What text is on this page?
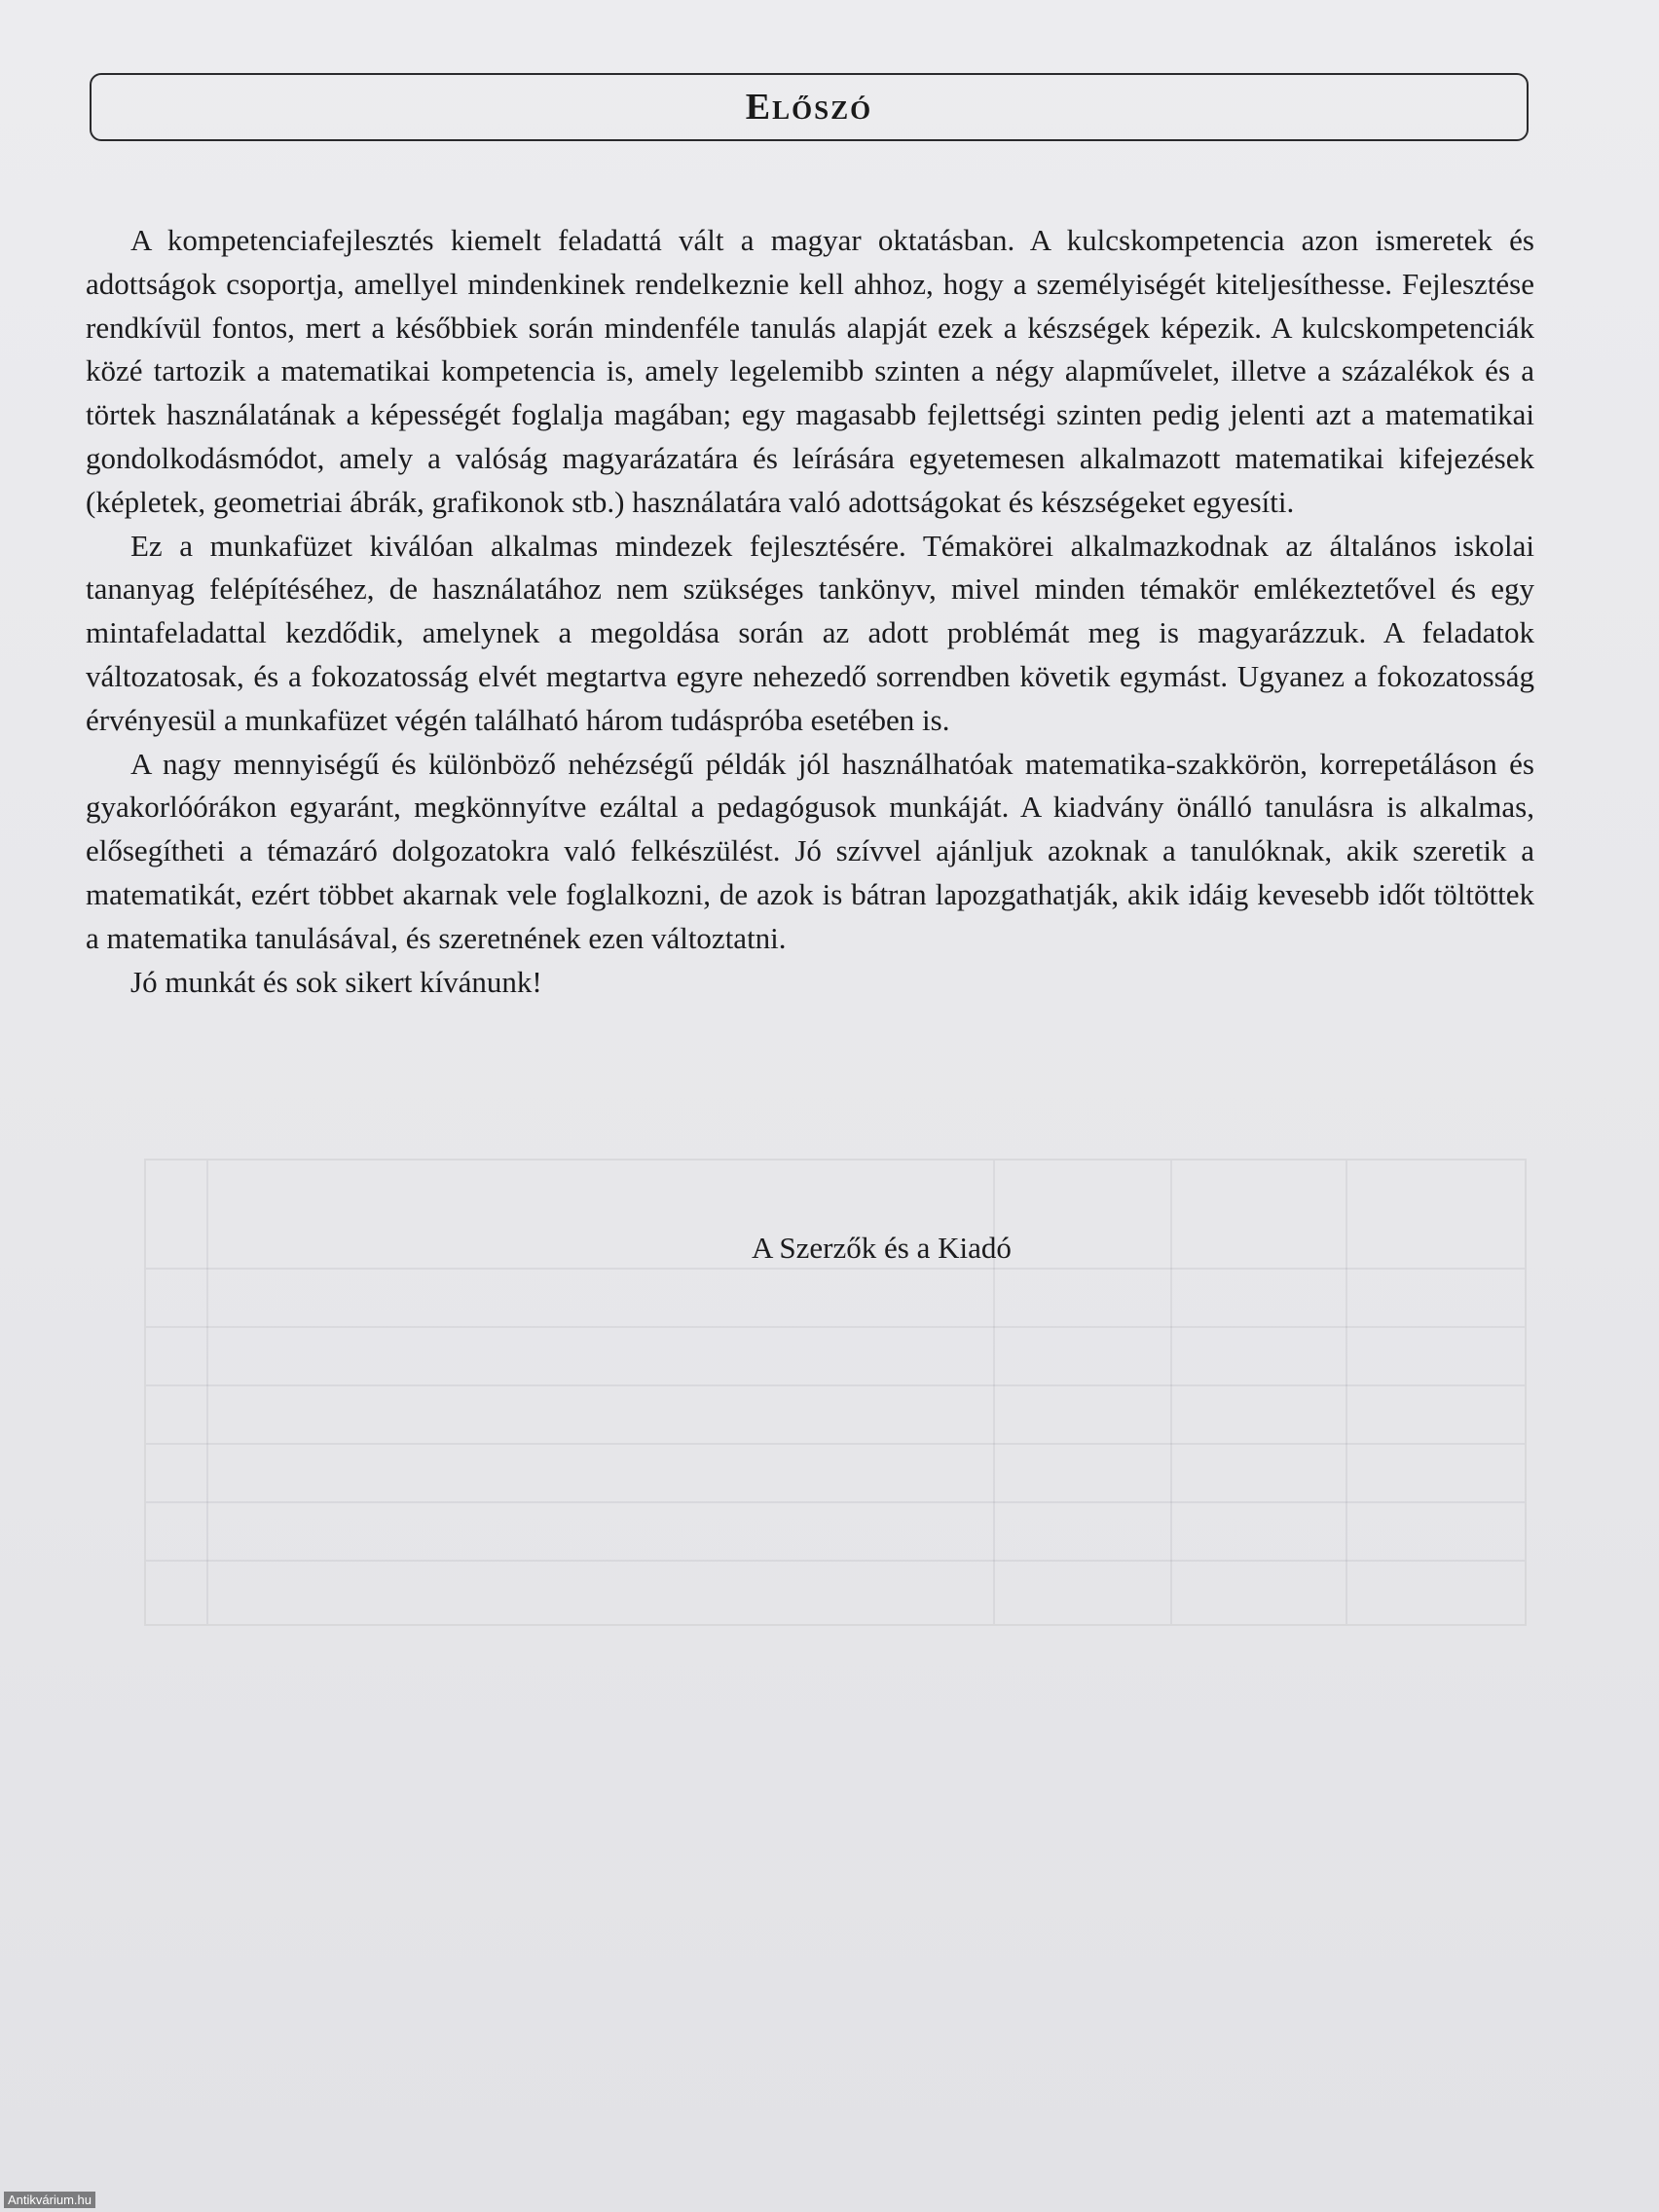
Előszó

A kompetenciafejlesztés kiemelt feladattá vált a magyar oktatásban. A kulcskompetencia azon ismeretek és adottságok csoportja, amellyel mindenkinek rendelkeznie kell ahhoz, hogy a személyiségét kiteljesíthesse. Fejlesztése rendkívül fontos, mert a későbbiek során mindenféle tanulás alapját ezek a készségek képezik. A kulcskompetenciák közé tartozik a matematikai kompetencia is, amely legelemibb szinten a négy alapművelet, illetve a százalékok és a törtek használatának a képességét foglalja magában; egy magasabb fejlettségi szinten pedig jelenti azt a matematikai gondolkodásmódot, amely a valóság magyarázatára és leírására egyetemesen alkalmazott matematikai kifejezések (képletek, geometriai ábrák, grafikonok stb.) használatára való adottságokat és készségeket egyesíti.

Ez a munkafüzet kiválóan alkalmas mindezek fejlesztésére. Témakörei alkalmazkodnak az általános iskolai tananyag felépítéséhez, de használatához nem szükséges tankönyv, mivel minden témakör emlékeztetővel és egy mintafeladattal kezdődik, amelynek a megoldása során az adott problémát meg is magyarázzuk. A feladatok változatosak, és a fokozatosság elvét megtartva egyre nehezedő sorrendben követik egymást. Ugyanez a fokozatosság érvényesül a munkafüzet végén található három tudáspróba esetében is.

A nagy mennyiségű és különböző nehézségű példák jól használhatóak matematika-szakkörön, korrepetáláson és gyakorlóórákon egyaránt, megkönnyítve ezáltal a pedagógusok munkáját. A kiadvány önálló tanulásra is alkalmas, elősegítheti a témazáró dolgozatokra való felkészülést. Jó szívvel ajánljuk azoknak a tanulóknak, akik szeretik a matematikát, ezért többet akarnak vele foglalkozni, de azok is bátran lapozgathatják, akik idáig kevesebb időt töltöttek a matematika tanulásával, és szeretnének ezen változtatni.

Jó munkát és sok sikert kívánunk!

A Szerzők és a Kiadó
Antikvárium.hu
